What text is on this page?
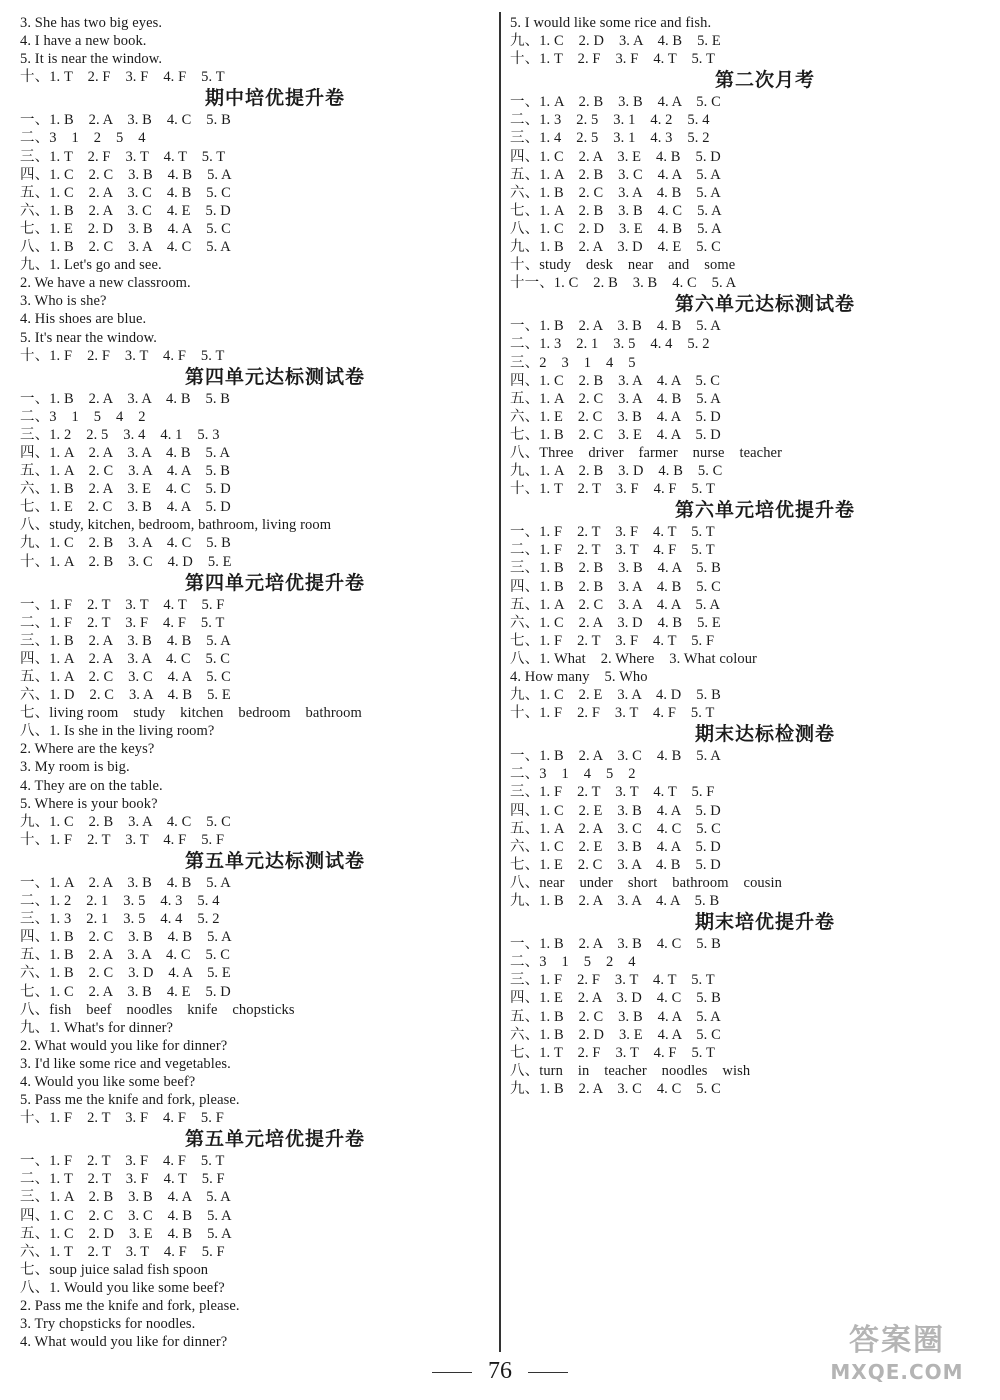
3. She has two big eyes.
4. I have a new book.
5. It is near the window.
十、1. T    2. F    3. F    4. F    5. T
期中培优提升卷
一、1. B    2. A    3. B    4. C    5. B
二、3    1    2    5    4
三、1. T    2. F    3. T    4. T    5. T
四、1. C    2. C    3. B    4. B    5. A
五、1. C    2. A    3. C    4. B    5. C
六、1. B    2. A    3. C    4. E    5. D
七、1. E    2. D    3. B    4. A    5. C
八、1. B    2. C    3. A    4. C    5. A
九、1. Let's go and see.
2. We have a new classroom.
3. Who is she?
4. His shoes are blue.
5. It's near the window.
十、1. F    2. F    3. T    4. F    5. T
第四单元达标测试卷
一、1. B    2. A    3. A    4. B    5. B
二、3    1    5    4    2
三、1. 2    2. 5    3. 4    4. 1    5. 3
四、1. A    2. A    3. A    4. B    5. A
五、1. A    2. C    3. A    4. A    5. B
六、1. B    2. A    3. E    4. C    5. D
七、1. E    2. C    3. B    4. A    5. D
八、study, kitchen, bedroom, bathroom, living room
九、1. C    2. B    3. A    4. C    5. B
十、1. A    2. B    3. C    4. D    5. E
第四单元培优提升卷
一、1. F    2. T    3. T    4. T    5. F
二、1. F    2. T    3. F    4. F    5. T
三、1. B    2. A    3. B    4. B    5. A
四、1. A    2. A    3. A    4. C    5. C
五、1. A    2. C    3. C    4. A    5. C
六、1. D    2. C    3. A    4. B    5. E
七、living room    study    kitchen    bedroom    bathroom
八、1. Is she in the living room?
2. Where are the keys?
3. My room is big.
4. They are on the table.
5. Where is your book?
九、1. C    2. B    3. A    4. C    5. C
十、1. F    2. T    3. T    4. F    5. F
第五单元达标测试卷
一、1. A    2. A    3. B    4. B    5. A
二、1. 2    2. 1    3. 5    4. 3    5. 4
三、1. 3    2. 1    3. 5    4. 4    5. 2
四、1. B    2. C    3. B    4. B    5. A
五、1. B    2. A    3. A    4. C    5. C
六、1. B    2. C    3. D    4. A    5. E
七、1. C    2. A    3. B    4. E    5. D
八、fish    beef    noodles    knife    chopsticks
九、1. What's for dinner?
2. What would you like for dinner?
3. I'd like some rice and vegetables.
4. Would you like some beef?
5. Pass me the knife and fork, please.
十、1. F    2. T    3. F    4. F    5. F
第五单元培优提升卷
一、1. F    2. T    3. F    4. F    5. T
二、1. T    2. T    3. F    4. T    5. F
三、1. A    2. B    3. B    4. A    5. A
四、1. C    2. C    3. C    4. B    5. A
五、1. C    2. D    3. E    4. B    5. A
六、1. T    2. T    3. T    4. F    5. F
七、soup juice salad fish spoon
八、1. Would you like some beef?
2. Pass me the knife and fork, please.
3. Try chopsticks for noodles.
4. What would you like for dinner?
5. I would like some rice and fish.
九、1. C    2. D    3. A    4. B    5. E
十、1. T    2. F    3. F    4. T    5. T
第二次月考
一、1. A    2. B    3. B    4. A    5. C
二、1. 3    2. 5    3. 1    4. 2    5. 4
三、1. 4    2. 5    3. 1    4. 3    5. 2
四、1. C    2. A    3. E    4. B    5. D
五、1. A    2. B    3. C    4. A    5. A
六、1. B    2. C    3. A    4. B    5. A
七、1. A    2. B    3. B    4. C    5. A
八、1. C    2. D    3. E    4. B    5. A
九、1. B    2. A    3. D    4. E    5. C
十、study    desk    near    and    some
十一、1. C    2. B    3. B    4. C    5. A
第六单元达标测试卷
一、1. B    2. A    3. B    4. B    5. A
二、1. 3    2. 1    3. 5    4. 4    5. 2
三、2    3    1    4    5
四、1. C    2. B    3. A    4. A    5. C
五、1. A    2. C    3. A    4. B    5. A
六、1. E    2. C    3. B    4. A    5. D
七、1. B    2. C    3. E    4. A    5. D
八、Three    driver    farmer    nurse    teacher
九、1. A    2. B    3. D    4. B    5. C
十、1. T    2. T    3. F    4. F    5. T
第六单元培优提升卷
一、1. F    2. T    3. F    4. T    5. T
二、1. F    2. T    3. T    4. F    5. T
三、1. B    2. B    3. B    4. A    5. B
四、1. B    2. B    3. A    4. B    5. C
五、1. A    2. C    3. A    4. A    5. A
六、1. C    2. A    3. D    4. B    5. E
七、1. F    2. T    3. F    4. T    5. F
八、1. What    2. Where    3. What colour
4. How many    5. Who
九、1. C    2. E    3. A    4. D    5. B
十、1. F    2. F    3. T    4. F    5. T
期末达标检测卷
一、1. B    2. A    3. C    4. B    5. A
二、3    1    4    5    2
三、1. F    2. T    3. T    4. T    5. F
四、1. C    2. E    3. B    4. A    5. D
五、1. A    2. A    3. C    4. C    5. C
六、1. C    2. E    3. B    4. A    5. D
七、1. E    2. C    3. A    4. B    5. D
八、near    under    short    bathroom    cousin
九、1. B    2. A    3. A    4. A    5. B
期末培优提升卷
一、1. B    2. A    3. B    4. C    5. B
二、3    1    5    2    4
三、1. F    2. F    3. T    4. T    5. T
四、1. E    2. A    3. D    4. C    5. B
五、1. B    2. C    3. B    4. A    5. A
六、1. B    2. D    3. E    4. A    5. C
七、1. T    2. F    3. T    4. F    5. T
八、turn    in    teacher    noodles    wish
九、1. B    2. A    3. C    4. C    5. C
76
答案圈
MXQE.COM
